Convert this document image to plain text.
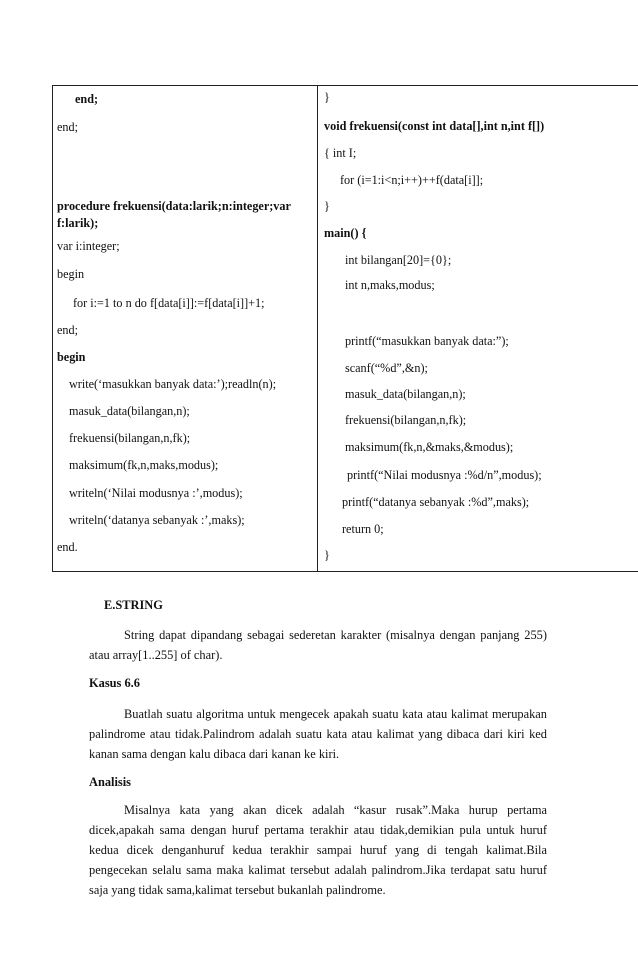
end;
end;
procedure frekuensi(data:larik;n:integer;var
f:larik);
var i:integer;
begin
for i:=1 to n do f[data[i]]:=f[data[i]]+1;
end;
begin
write(‘masukkan banyak data:’);readln(n);
masuk_data(bilangan,n);
frekuensi(bilangan,n,fk);
maksimum(fk,n,maks,modus);
writeln(‘Nilai modusnya :’,modus);
writeln(‘datanya sebanyak :’,maks);
end.
}
void frekuensi(const int data[],int n,int f[])
{ int I;
for (i=1:i<n;i++)++f(data[i]];
}
main() {
int bilangan[20]={0};
int n,maks,modus;
printf(“masukkan banyak data:”);
scanf(“%d”,&n);
masuk_data(bilangan,n);
frekuensi(bilangan,n,fk);
maksimum(fk,n,&maks,&modus);
printf(“Nilai modusnya :%d/n”,modus);
printf(“datanya sebanyak :%d”,maks);
return 0;
}
E.STRING
String dapat dipandang sebagai sederetan karakter (misalnya dengan panjang 255) atau array[1..255] of char).
Kasus 6.6
Buatlah suatu algoritma untuk mengecek apakah suatu kata atau kalimat merupakan palindrome atau tidak.Palindrom adalah suatu kata atau kalimat yang dibaca dari kiri ked kanan sama dengan kalu dibaca dari kanan ke kiri.
Analisis
Misalnya kata yang akan dicek adalah “kasur rusak”.Maka hurup pertama dicek,apakah sama dengan huruf pertama terakhir atau tidak,demikian pula untuk huruf kedua dicek denganhuruf kedua terakhir sampai huruf yang di tengah kalimat.Bila pengecekan selalu sama maka kalimat tersebut adalah palindrom.Jika terdapat satu huruf saja yang tidak sama,kalimat tersebut bukanlah palindrome.
